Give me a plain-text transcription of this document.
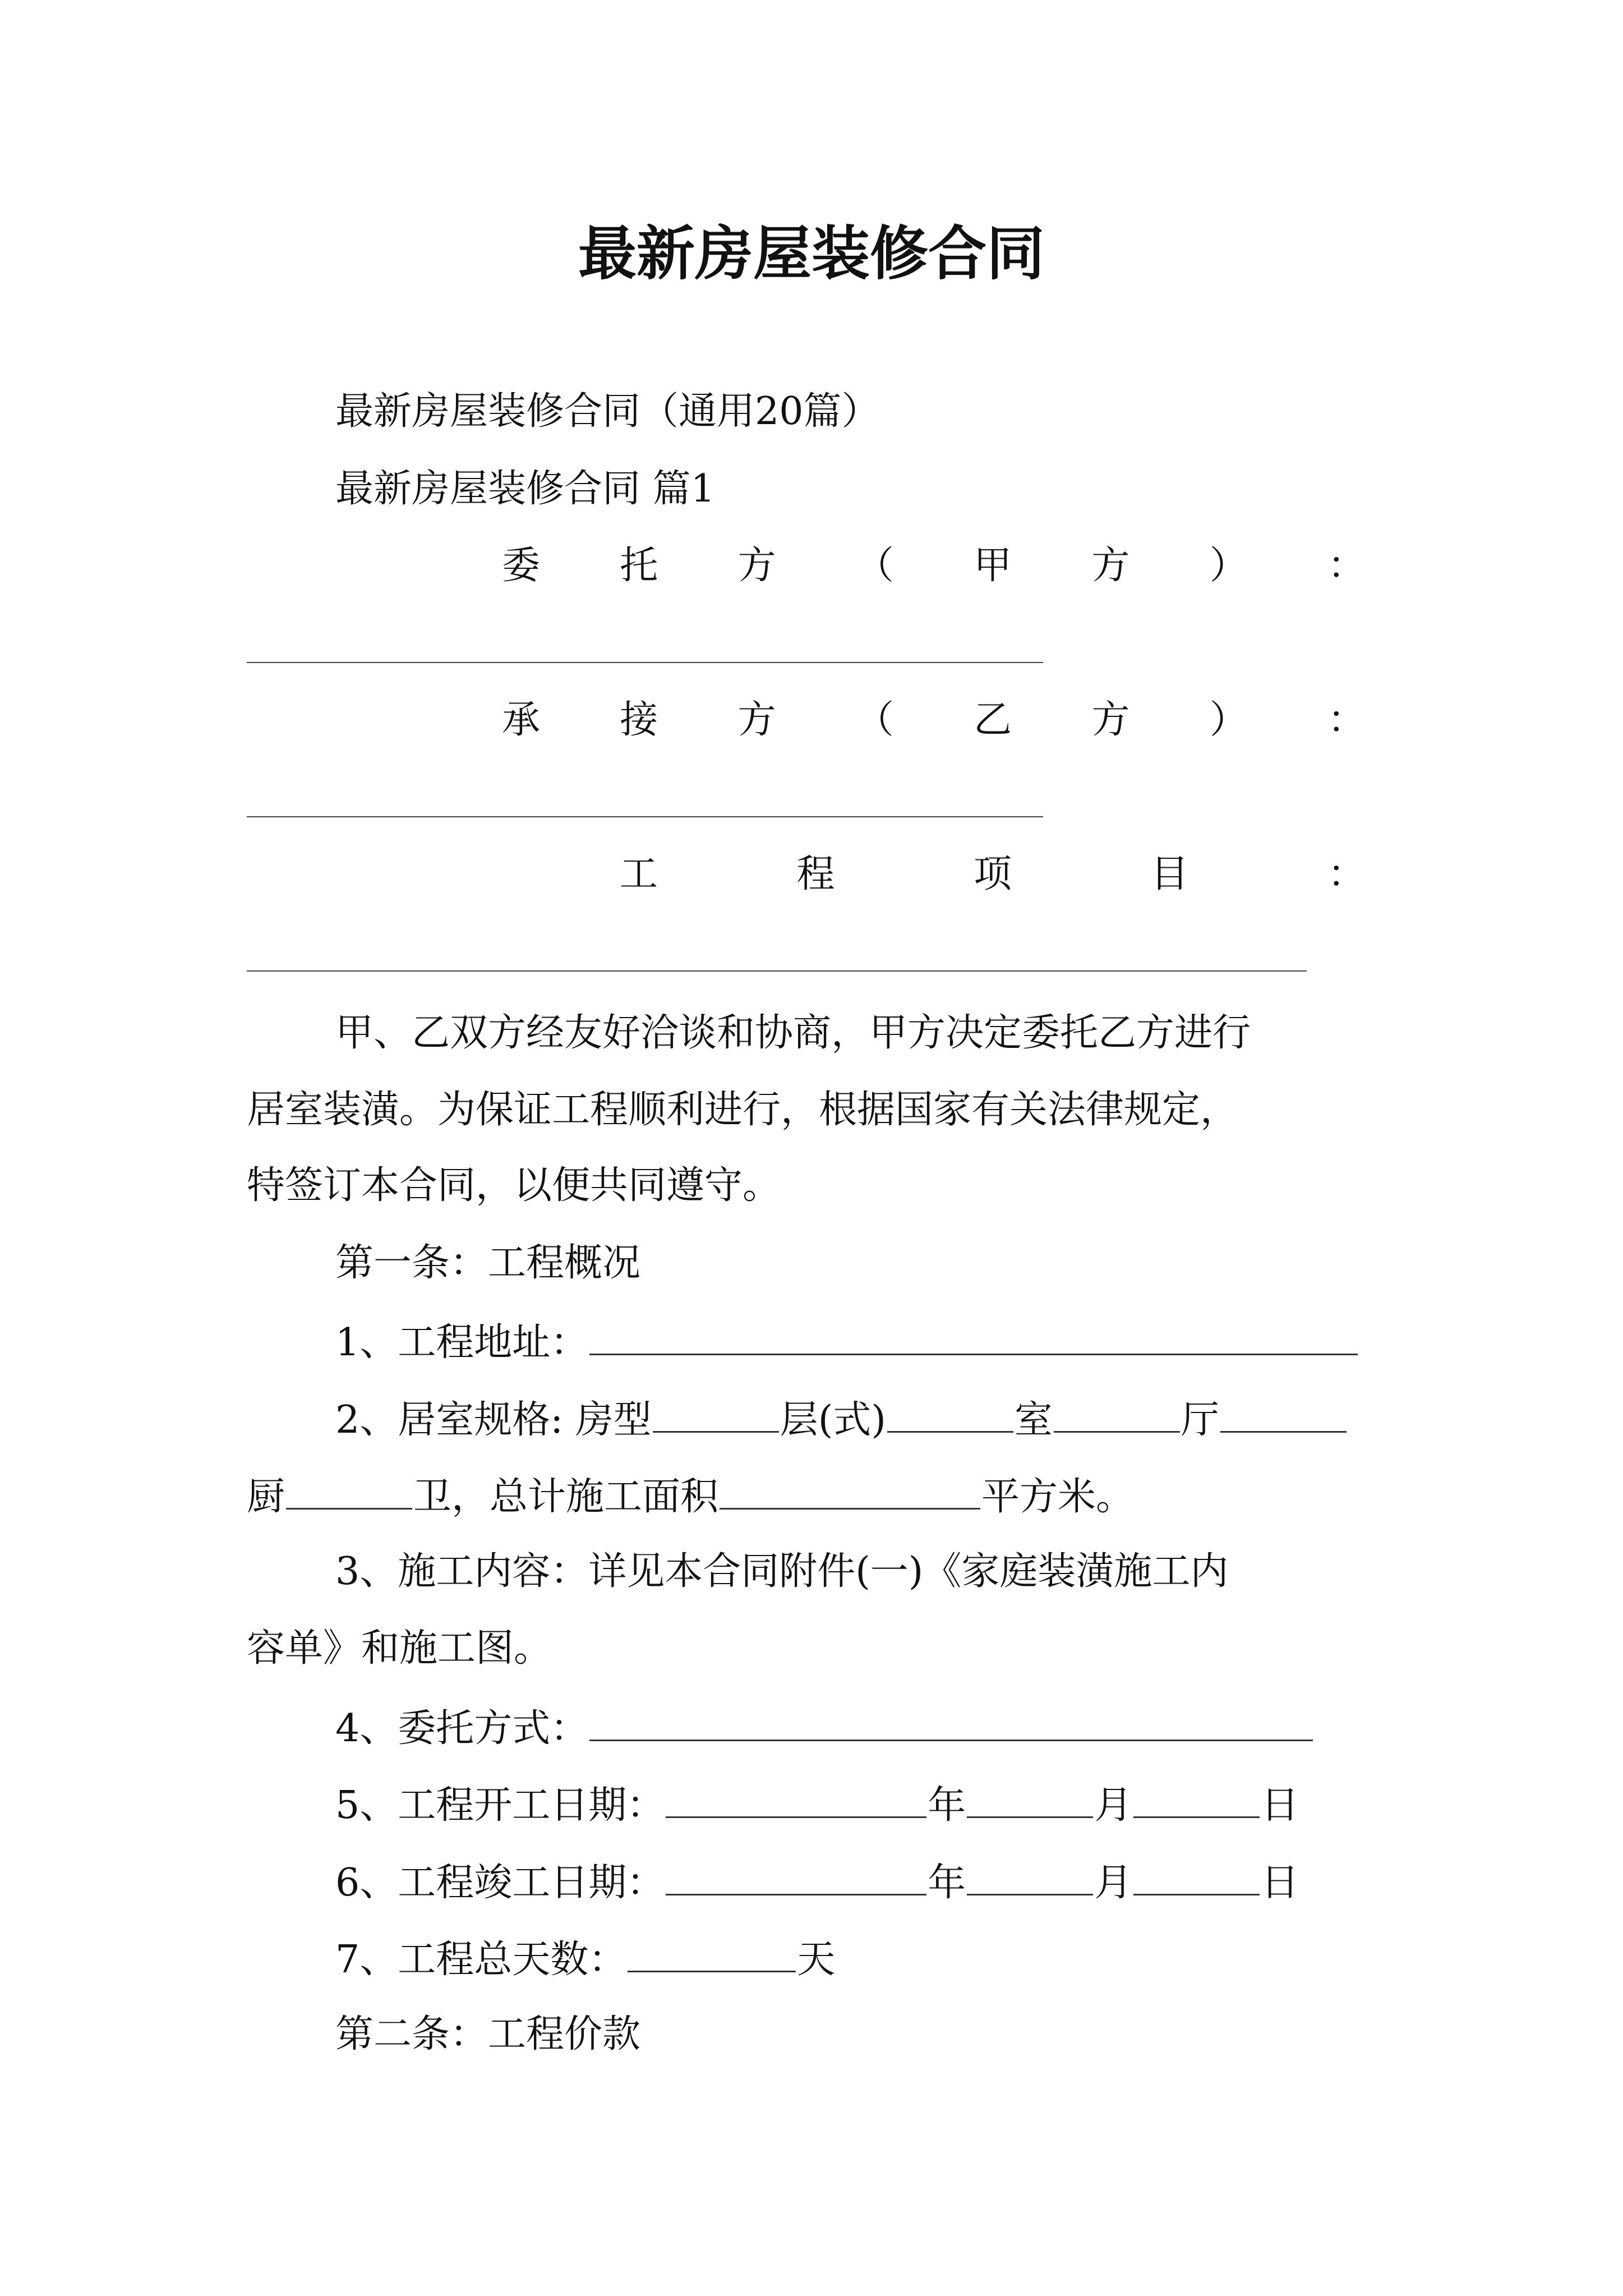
最新房屋装修合同
最新房屋装修合同（通用20篇）
最新房屋装修合同 篇1
委 托 方 （ 甲 方 ） ：
承 接 方 （ 乙 方 ） ：
工	程	项	目	：
甲、乙双方经友好洽谈和协商，甲方决定委托乙方进行
居室装潢。为保证工程顺利进行，根据国家有关法律规定，
特签订本合同，以便共同遵守。
第一条：工程概况
1、工程地址：
2、居室规格: 房型	层(式)	室	厅
厨	卫，总计施工面积	平方米。
3、施工内容：详见本合同附件(一)《家庭装潢施工内
容单》和施工图。
4、委托方式：
5、工程开工日期：	年	月	日
6、工程竣工日期：	年	月	日
7、工程总天数：	天
第二条：工程价款
